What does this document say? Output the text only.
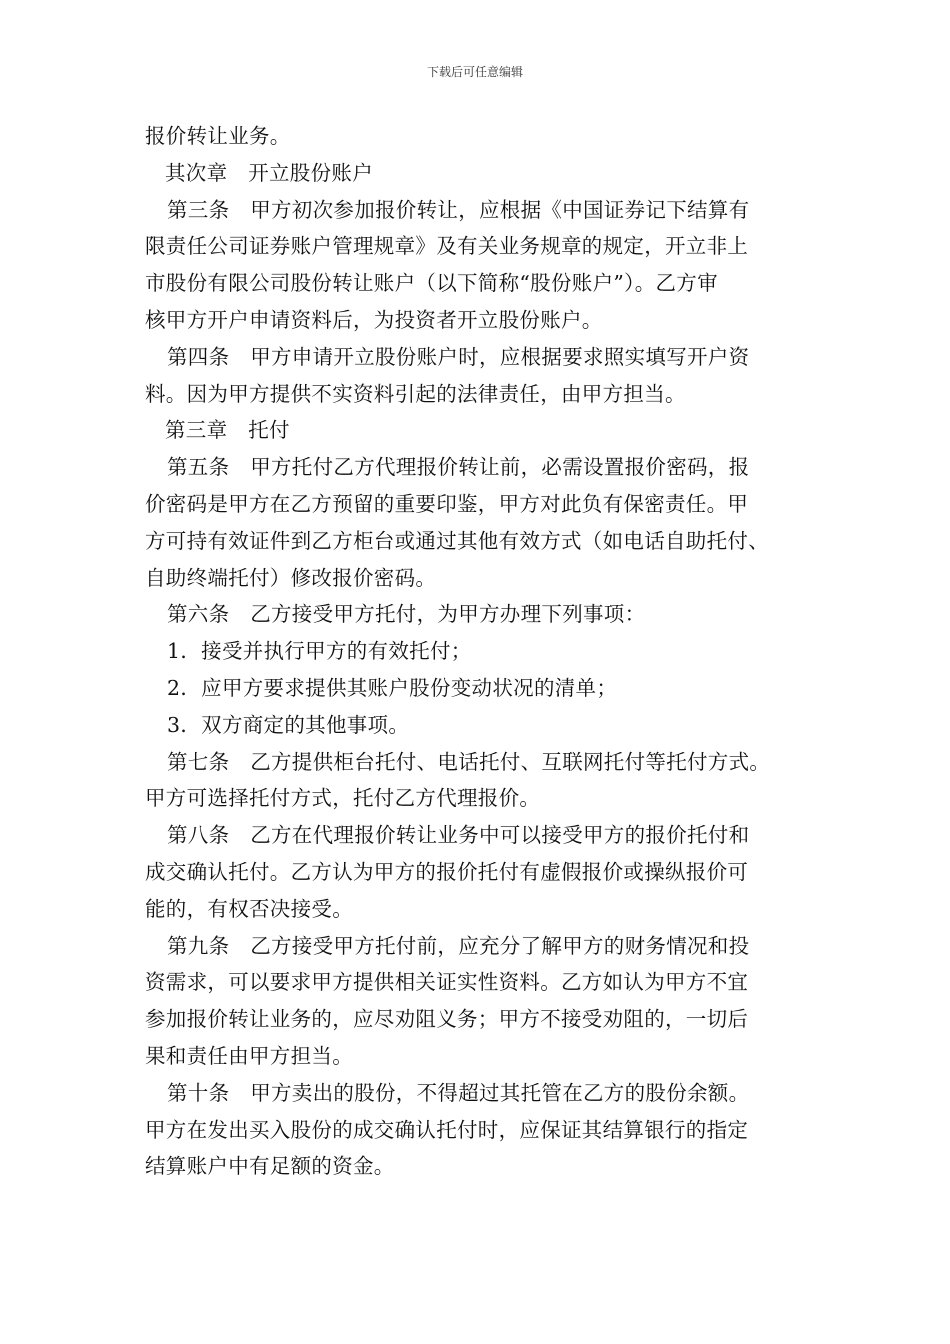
下载后可任意编辑
报价转让业务。
其次章　开立股份账户
第三条　甲方初次参加报价转让，应根据《中国证券记下结算有
限责任公司证券账户管理规章》及有关业务规章的规定，开立非上
市股份有限公司股份转让账户（以下简称“股份账户”）。乙方审
核甲方开户申请资料后，为投资者开立股份账户。
第四条　甲方申请开立股份账户时，应根据要求照实填写开户资
料。因为甲方提供不实资料引起的法律责任，由甲方担当。
第三章　托付
第五条　甲方托付乙方代理报价转让前，必需设置报价密码，报
价密码是甲方在乙方预留的重要印鉴，甲方对此负有保密责任。甲
方可持有效证件到乙方柜台或通过其他有效方式（如电话自助托付、
自助终端托付）修改报价密码。
第六条　乙方接受甲方托付，为甲方办理下列事项：
1．接受并执行甲方的有效托付；
2．应甲方要求提供其账户股份变动状况的清单；
3．双方商定的其他事项。
第七条　乙方提供柜台托付、电话托付、互联网托付等托付方式。
甲方可选择托付方式，托付乙方代理报价。
第八条　乙方在代理报价转让业务中可以接受甲方的报价托付和
成交确认托付。乙方认为甲方的报价托付有虚假报价或操纵报价可
能的，有权否决接受。
第九条　乙方接受甲方托付前，应充分了解甲方的财务情况和投
资需求，可以要求甲方提供相关证实性资料。乙方如认为甲方不宜
参加报价转让业务的，应尽劝阻义务；甲方不接受劝阻的，一切后
果和责任由甲方担当。
第十条　甲方卖出的股份，不得超过其托管在乙方的股份余额。
甲方在发出买入股份的成交确认托付时，应保证其结算银行的指定
结算账户中有足额的资金。
